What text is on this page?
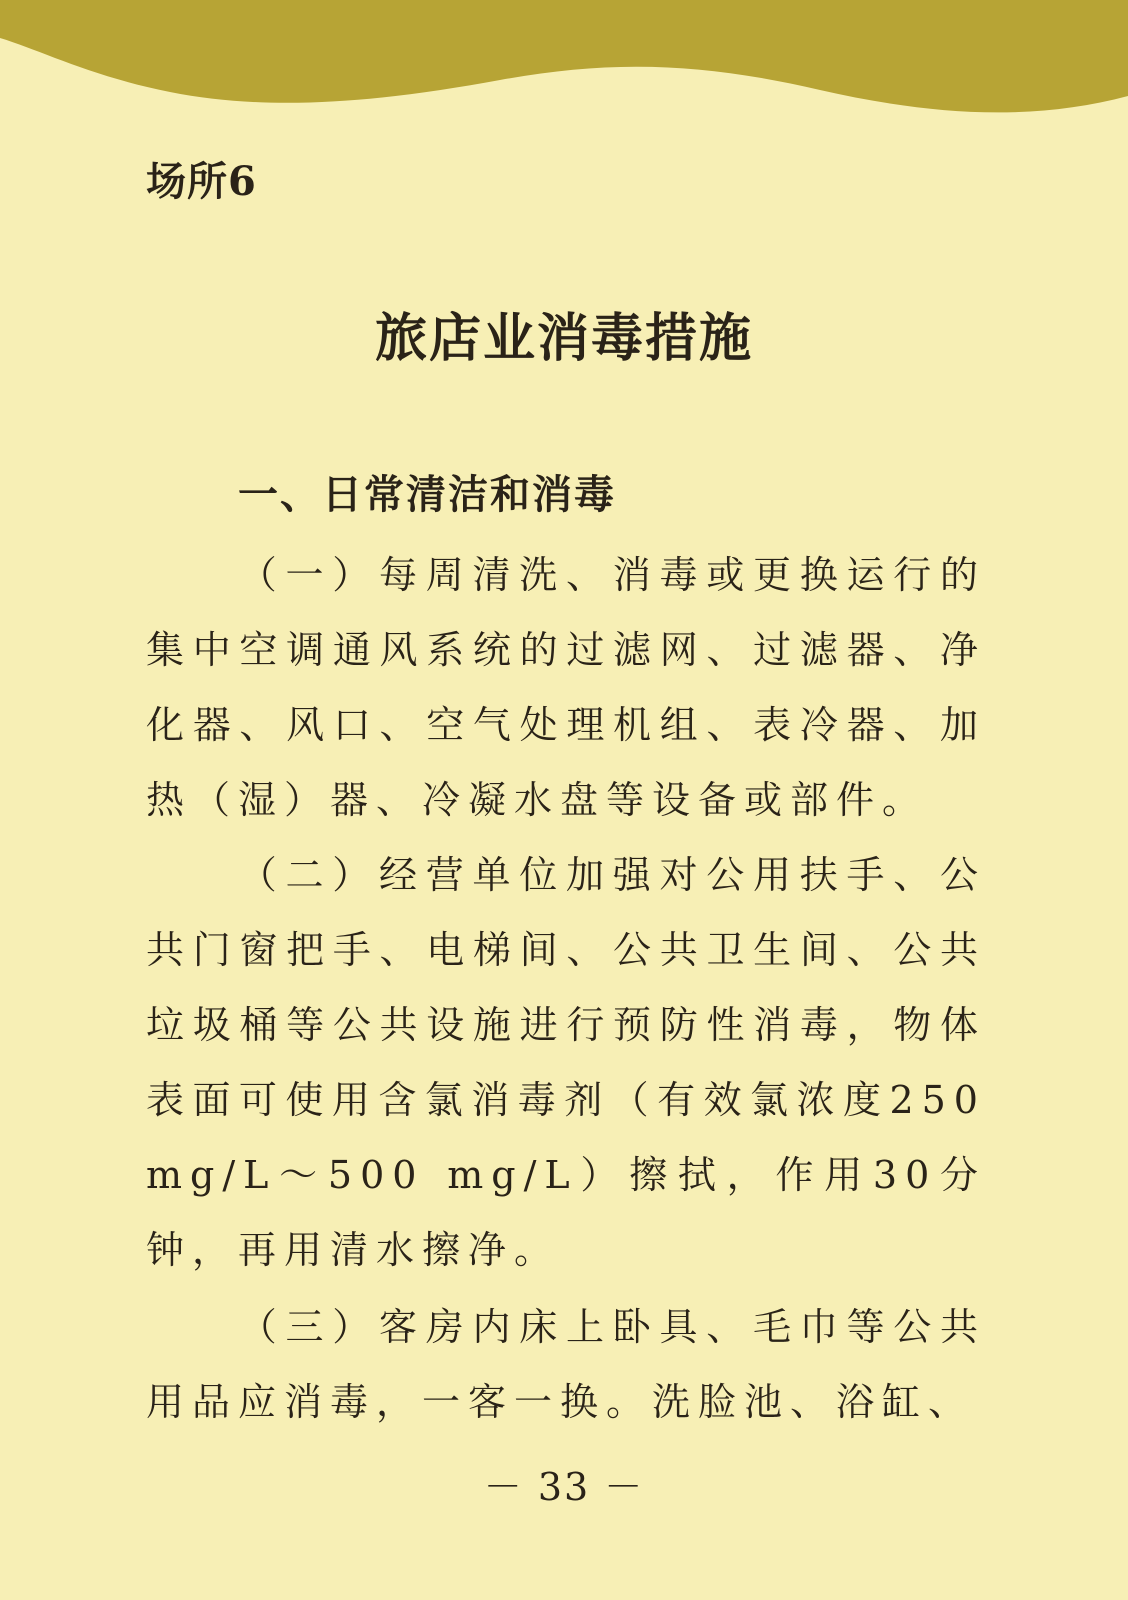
场所6
旅店业消毒措施
一、日常清洁和消毒

（一）每周清洗、消毒或更换运行的集中空调通风系统的过滤网、过滤器、净化器、风口、空气处理机组、表冷器、加热（湿）器、冷凝水盘等设备或部件。

（二）经营单位加强对公用扶手、公共门窗把手、电梯间、公共卫生间、公共垃圾桶等公共设施进行预防性消毒，物体表面可使用含氯消毒剂（有效氯浓度250 mg/L～500 mg/L）擦拭，作用30分钟，再用清水擦净。

（三）客房内床上卧具、毛巾等公共用品应消毒，一客一换。洗脸池、浴缸、

－ 33 －
